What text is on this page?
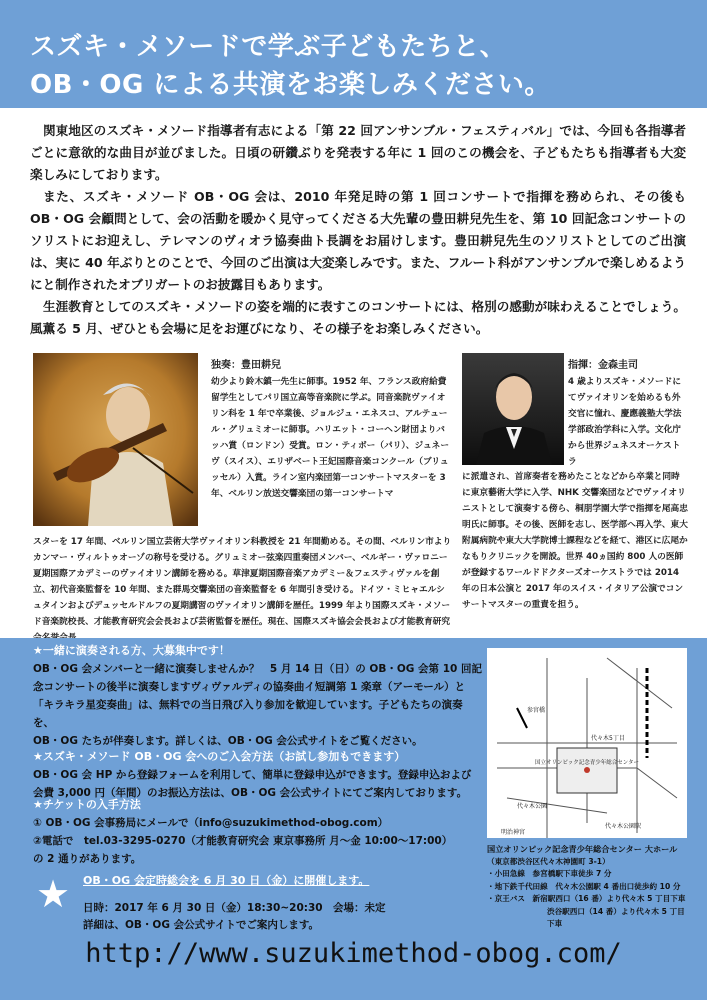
スズキ・メソードで学ぶ子どもたちと、
OB・OG による共演をお楽しみください。

関東地区のスズキ・メソード指導者有志による「第 22 回アンサンブル・フェスティバル」では、今回も各指導者ごとに意欲的な曲目が並びました。日頃の研鑽ぶりを発表する年に 1 回のこの機会を、子どもたちも指導者も大変楽しみにしております。

また、スズキ・メソード OB・OG 会は、2010 年発足時の第 1 回コンサートで指揮を務められ、その後も OB・OG 会顧問として、会の活動を暖かく見守ってくださる大先輩の豊田耕兒先生を、第 10 回記念コンサートのソリストにお迎えし、テレマンのヴィオラ協奏曲ト長調をお届けします。豊田耕兒先生のソリストとしてのご出演は、実に 40 年ぶりとのことで、今回のご出演は大変楽しみです。また、フルート科がアンサンブルで楽しめるようにと制作されたオブリガートのお披露目もあります。

生涯教育としてのスズキ・メソードの姿を端的に表すこのコンサートには、格別の感動が味わえることでしょう。風薫る 5 月、ぜひとも会場に足をお運びになり、その様子をお楽しみください。

独奏：豊田耕兒
幼少より鈴木鎮一先生に師事。1952 年、フランス政府給費留学生としてパリ国立高等音楽院に学ぶ。同音楽院ヴァイオリン科を 1 年で卒業後、ジョルジュ・エネスコ、アルテュール・グリュミオーに師事。ハリエット・コーヘン財団よりバッハ賞（ロンドン）受賞。ロン・ティボー（パリ）、ジュネーヴ（スイス）、エリザベート王妃国際音楽コンクール（ブリュッセル）入賞。ライン室内楽団第一コンサートマスターを 3 年、ベルリン放送交響楽団の第一コンサートマ
スターを 17 年間、ベルリン国立芸術大学ヴァイオリン科教授を 21 年間勤める。その間、ベルリン市よりカンマー・ヴィルトゥオーゾの称号を受ける。グリュミオー弦楽四重奏団メンバー、ベルギー・ヴァロニー夏期国際アカデミーのヴァイオリン講師を務める。草津夏期国際音楽アカデミー＆フェスティヴァルを創立、初代音楽監督を 10 年間、また群馬交響楽団の音楽監督を 6 年間引き受ける。ドイツ・ミヒャエルシュタインおよびデュッセルドルフの夏期講習のヴァイオリン講師を歴任。1999 年より国際スズキ・メソード音楽院校長、才能教育研究会会長および芸術監督を歴任。現在、国際スズキ協会会長および才能教育研究
指揮：金森圭司
4 歳よりスズキ・メソードにてヴァイオリンを始めるも外交官に憧れ、慶應義塾大学法学部政治学科に入学。文化庁から世界ジュネスオーケストラ
に派遣され、首席奏者を務めたことなどから卒業と同時に東京藝術大学に入学、NHK 交響楽団などでヴァイオリニストとして演奏する傍ら、桐朋学園大学で指揮を尾高忠明氏に師事。その後、医師を志し、医学部へ再入学、東大附属病院や東大大学院博士課程などを経て、港区に広尾かなもりクリニックを開設。世界 40ヵ国約 800 人の医師が登録するワールドドクターズオーケストラでは 2014 年の日本公演と 2017 年のスイス・イタリア公演でコンサートマスターの重責を担う。
★一緒に演奏される方、大募集中です！
OB・OG 会メンバーと一緒に演奏しませんか？　5 月 14 日（日）の OB・OG 会第 10 回記
念コンサートの後半に演奏しますヴィヴァルディの協奏曲イ短調第 1 楽章（アーモール）と
「キラキラ星変奏曲」は、無料での当日飛び入り参加を歓迎しています。子どもたちの演奏を、
OB・OG たちが伴奏します。詳しくは、OB・OG 会公式サイトをご覧ください。
★スズキ・メソード OB・OG 会へのご入会方法（お試し参加もできます）
OB・OG 会 HP から登録フォームを利用して、簡単に登録申込ができます。登録申込および
会費 3,000 円（年間）のお振込方法は、OB・OG 会公式サイトにてご案内しております。
★チケットの入手方法
① OB・OG 会事務局にメールで（info@suzukimethod-obog.com）
②電話で　tel.03-3295-0270（才能教育研究会 東京事務所 月～金 10:00～17:00）
の 2 通りがあります。
★ OB・OG 会定時総会を 6 月 30 日（金）に開催します。
日時：2017 年 6 月 30 日（金）18:30~20:30　会場：未定
詳細は、OB・OG 会公式サイトでご案内します。
http://www.suzukimethod-obog.com/
国立オリンピック記念青少年総合センター
代々木公園
参宮橋
代々木5丁目
代々木公園駅
明治神宮
国立オリンピック記念青少年総合センター 大ホール
（東京都渋谷区代々木神園町 3-1）
・小田急線　参宮橋駅下車徒歩 7 分
・地下鉄千代田線　代々木公園駅 4 番出口徒歩約 10 分
・京王バス　新宿駅西口（16 番）より代々木 5 丁目下車
渋谷駅西口（14 番）より代々木 5 丁目下車
